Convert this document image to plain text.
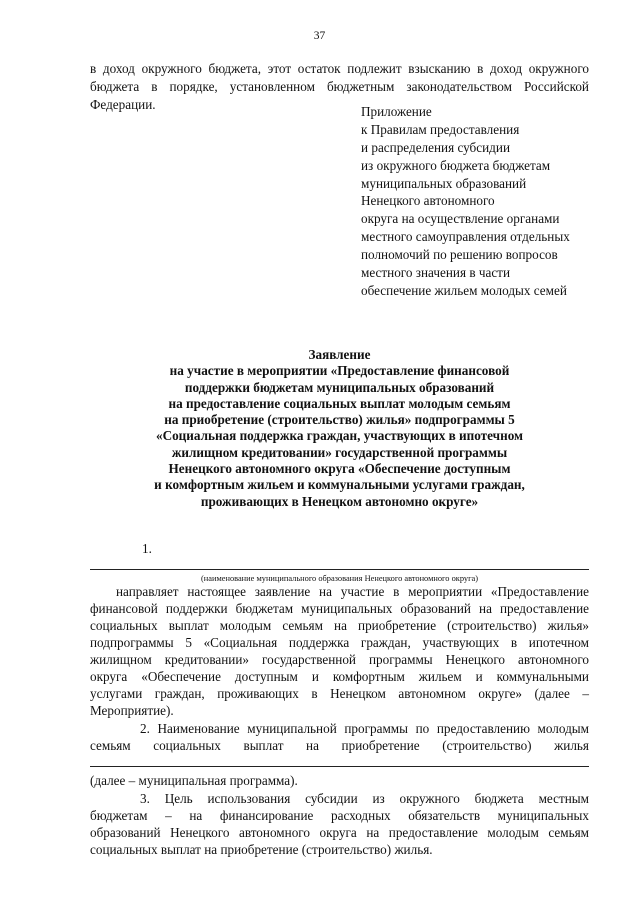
37
в доход окружного бюджета, этот остаток подлежит взысканию в доход окружного
бюджета в порядке, установленном бюджетным законодательством Российской
Федерации.	Приложение
к Правилам предоставления
и распределения субсидии
из окружного бюджета бюджетам
муниципальных образований
Ненецкого автономного
округа на осуществление органами
местного самоуправления отдельных
полномочий по решению вопросов
местного значения в части
обеспечение жильем молодых семей
Заявление
на участие в мероприятии «Предоставление финансовой
поддержки бюджетам муниципальных образований
на предоставление социальных выплат молодым семьям
на приобретение (строительство) жилья» подпрограммы 5
«Социальная поддержка граждан, участвующих в ипотечном
жилищном кредитовании» государственной программы
Ненецкого автономного округа «Обеспечение доступным
и комфортным жильем и коммунальными услугами граждан,
проживающих в Ненецком автономно округе»
1.
(наименование муниципального образования Ненецкого автономного округа)
направляет настоящее заявление на участие в мероприятии «Предоставление
финансовой поддержки бюджетам муниципальных образований на предоставление
социальных выплат молодым семьям на приобретение (строительство) жилья»
подпрограммы 5 «Социальная поддержка граждан, участвующих в ипотечном
жилищном кредитовании» государственной программы Ненецкого автономного
округа «Обеспечение доступным и комфортным жильем и коммунальными
услугами граждан, проживающих в Ненецком автономном округе» (далее –
Мероприятие).
2. Наименование муниципальной программы по предоставлению молодым
семьям социальных выплат на приобретение (строительство) жилья
(далее – муниципальная программа).
3. Цель использования субсидии из окружного бюджета местным
бюджетам – на финансирование расходных обязательств муниципальных
образований Ненецкого автономного округа на предоставление молодым семьям
социальных выплат на приобретение (строительство) жилья.
